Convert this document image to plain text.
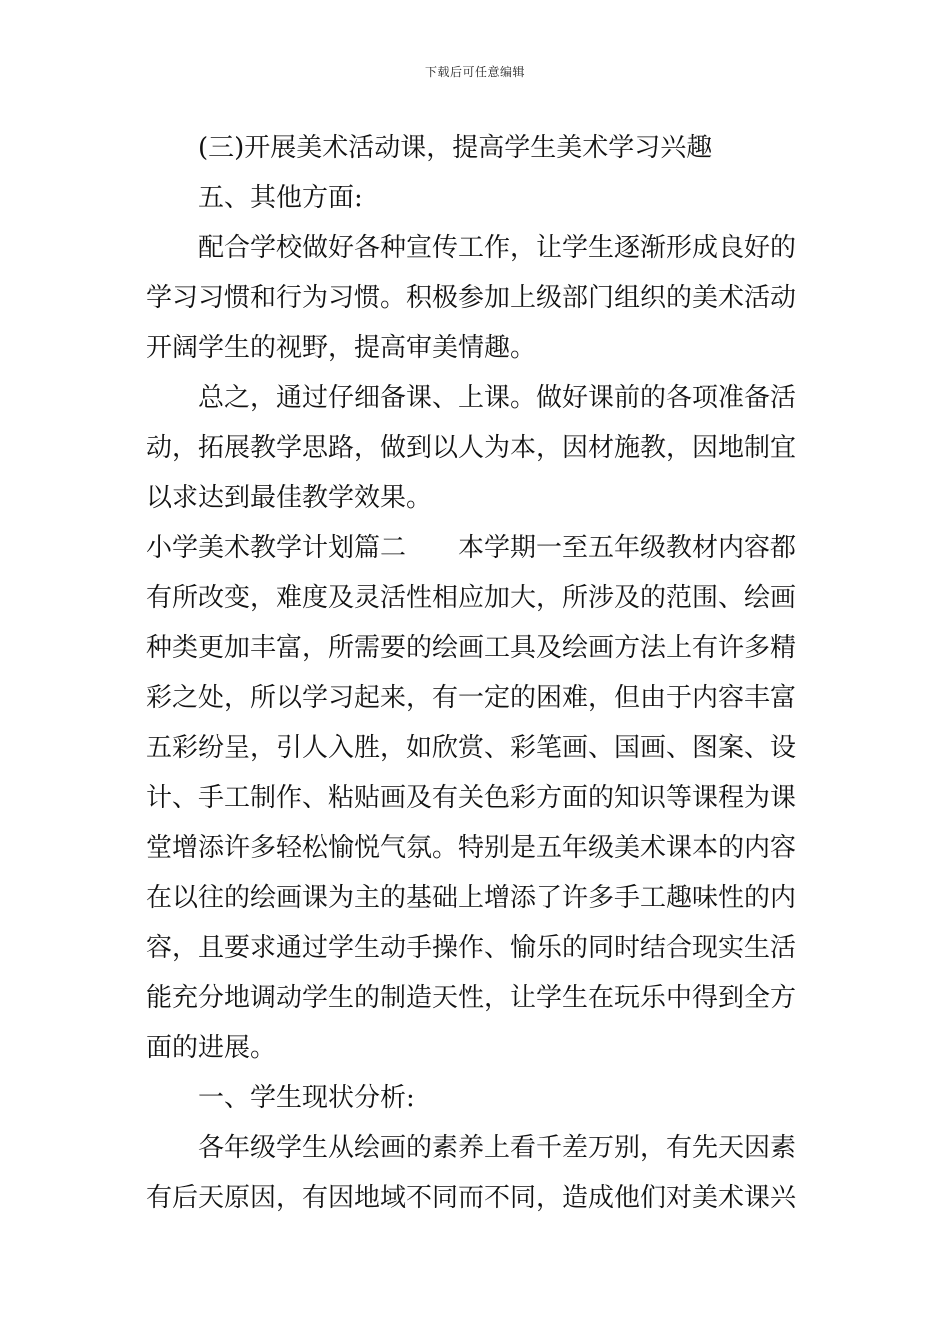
下载后可任意编辑
(三)开展美术活动课，提高学生美术学习兴趣
五、其他方面:
配合学校做好各种宣传工作，让学生逐渐形成良好的
学习习惯和行为习惯。积极参加上级部门组织的美术活动
开阔学生的视野，提高审美情趣。
总之，通过仔细备课、上课。做好课前的各项准备活
动，拓展教学思路，做到以人为本，因材施教，因地制宜
以求达到最佳教学效果。
小学美术教学计划篇二　　本学期一至五年级教材内容都
有所改变，难度及灵活性相应加大，所涉及的范围、绘画
种类更加丰富，所需要的绘画工具及绘画方法上有许多精
彩之处，所以学习起来，有一定的困难，但由于内容丰富
五彩纷呈，引人入胜，如欣赏、彩笔画、国画、图案、设
计、手工制作、粘贴画及有关色彩方面的知识等课程为课
堂增添许多轻松愉悦气氛。特别是五年级美术课本的内容
在以往的绘画课为主的基础上增添了许多手工趣味性的内
容，且要求通过学生动手操作、愉乐的同时结合现实生活
能充分地调动学生的制造天性，让学生在玩乐中得到全方
面的进展。
一、学生现状分析:
各年级学生从绘画的素养上看千差万别，有先天因素
有后天原因，有因地域不同而不同，造成他们对美术课兴
